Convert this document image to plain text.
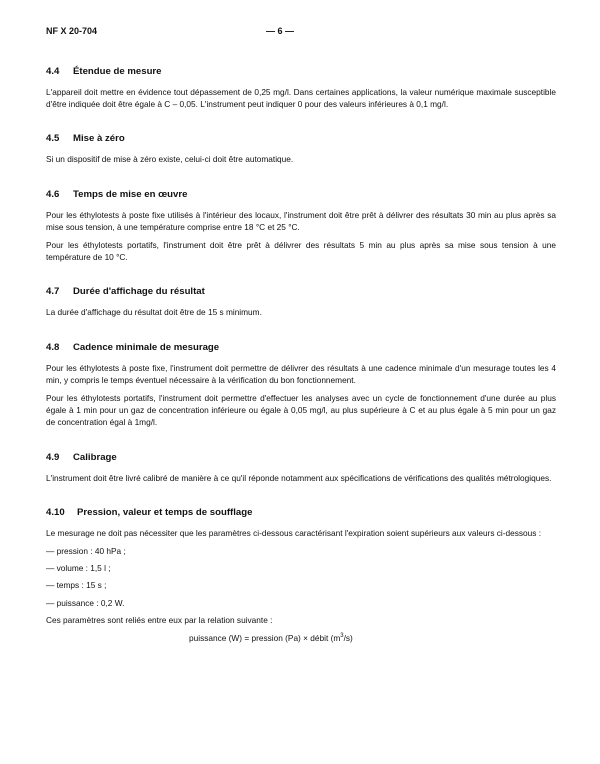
NF X 20-704	— 6 —
4.4	Étendue de mesure

L'appareil doit mettre en évidence tout dépassement de 0,25 mg/l. Dans certaines applications, la valeur numérique maximale susceptible d'être indiquée doit être égale à C – 0,05. L'instrument peut indiquer 0 pour des valeurs inférieures à 0,1 mg/l.

4.5	Mise à zéro

Si un dispositif de mise à zéro existe, celui-ci doit être automatique.

4.6	Temps de mise en œuvre

Pour les éthylotests à poste fixe utilisés à l'intérieur des locaux, l'instrument doit être prêt à délivrer des résultats 30 min au plus après sa mise sous tension, à une température comprise entre 18 °C et 25 °C.

Pour les éthylotests portatifs, l'instrument doit être prêt à délivrer des résultats 5 min au plus après sa mise sous tension à une température de 10 °C.

4.7	Durée d'affichage du résultat

La durée d'affichage du résultat doit être de 15 s minimum.

4.8	Cadence minimale de mesurage

Pour les éthylotests à poste fixe, l'instrument doit permettre de délivrer des résultats à une cadence minimale d'un mesurage toutes les 4 min, y compris le temps éventuel nécessaire à la vérification du bon fonctionnement.

Pour les éthylotests portatifs, l'instrument doit permettre d'effectuer les analyses avec un cycle de fonctionnement d'une durée au plus égale à 1 min pour un gaz de concentration inférieure ou égale à 0,05 mg/l, au plus supérieure à C et au plus égale à 5 min pour un gaz de concentration égal à 1mg/l.

4.9	Calibrage

L'instrument doit être livré calibré de manière à ce qu'il réponde notamment aux spécifications de vérifications des qualités métrologiques.

4.10	Pression, valeur et temps de soufflage

Le mesurage ne doit pas nécessiter que les paramètres ci-dessous caractérisant l'expiration soient supérieurs aux valeurs ci-dessous :

— pression : 40 hPa ;
— volume : 1,5 l ;
— temps : 15 s ;
— puissance : 0,2 W.

Ces paramètres sont reliés entre eux par la relation suivante :

puissance (W) = pression (Pa) × débit $(m^3/s)$
